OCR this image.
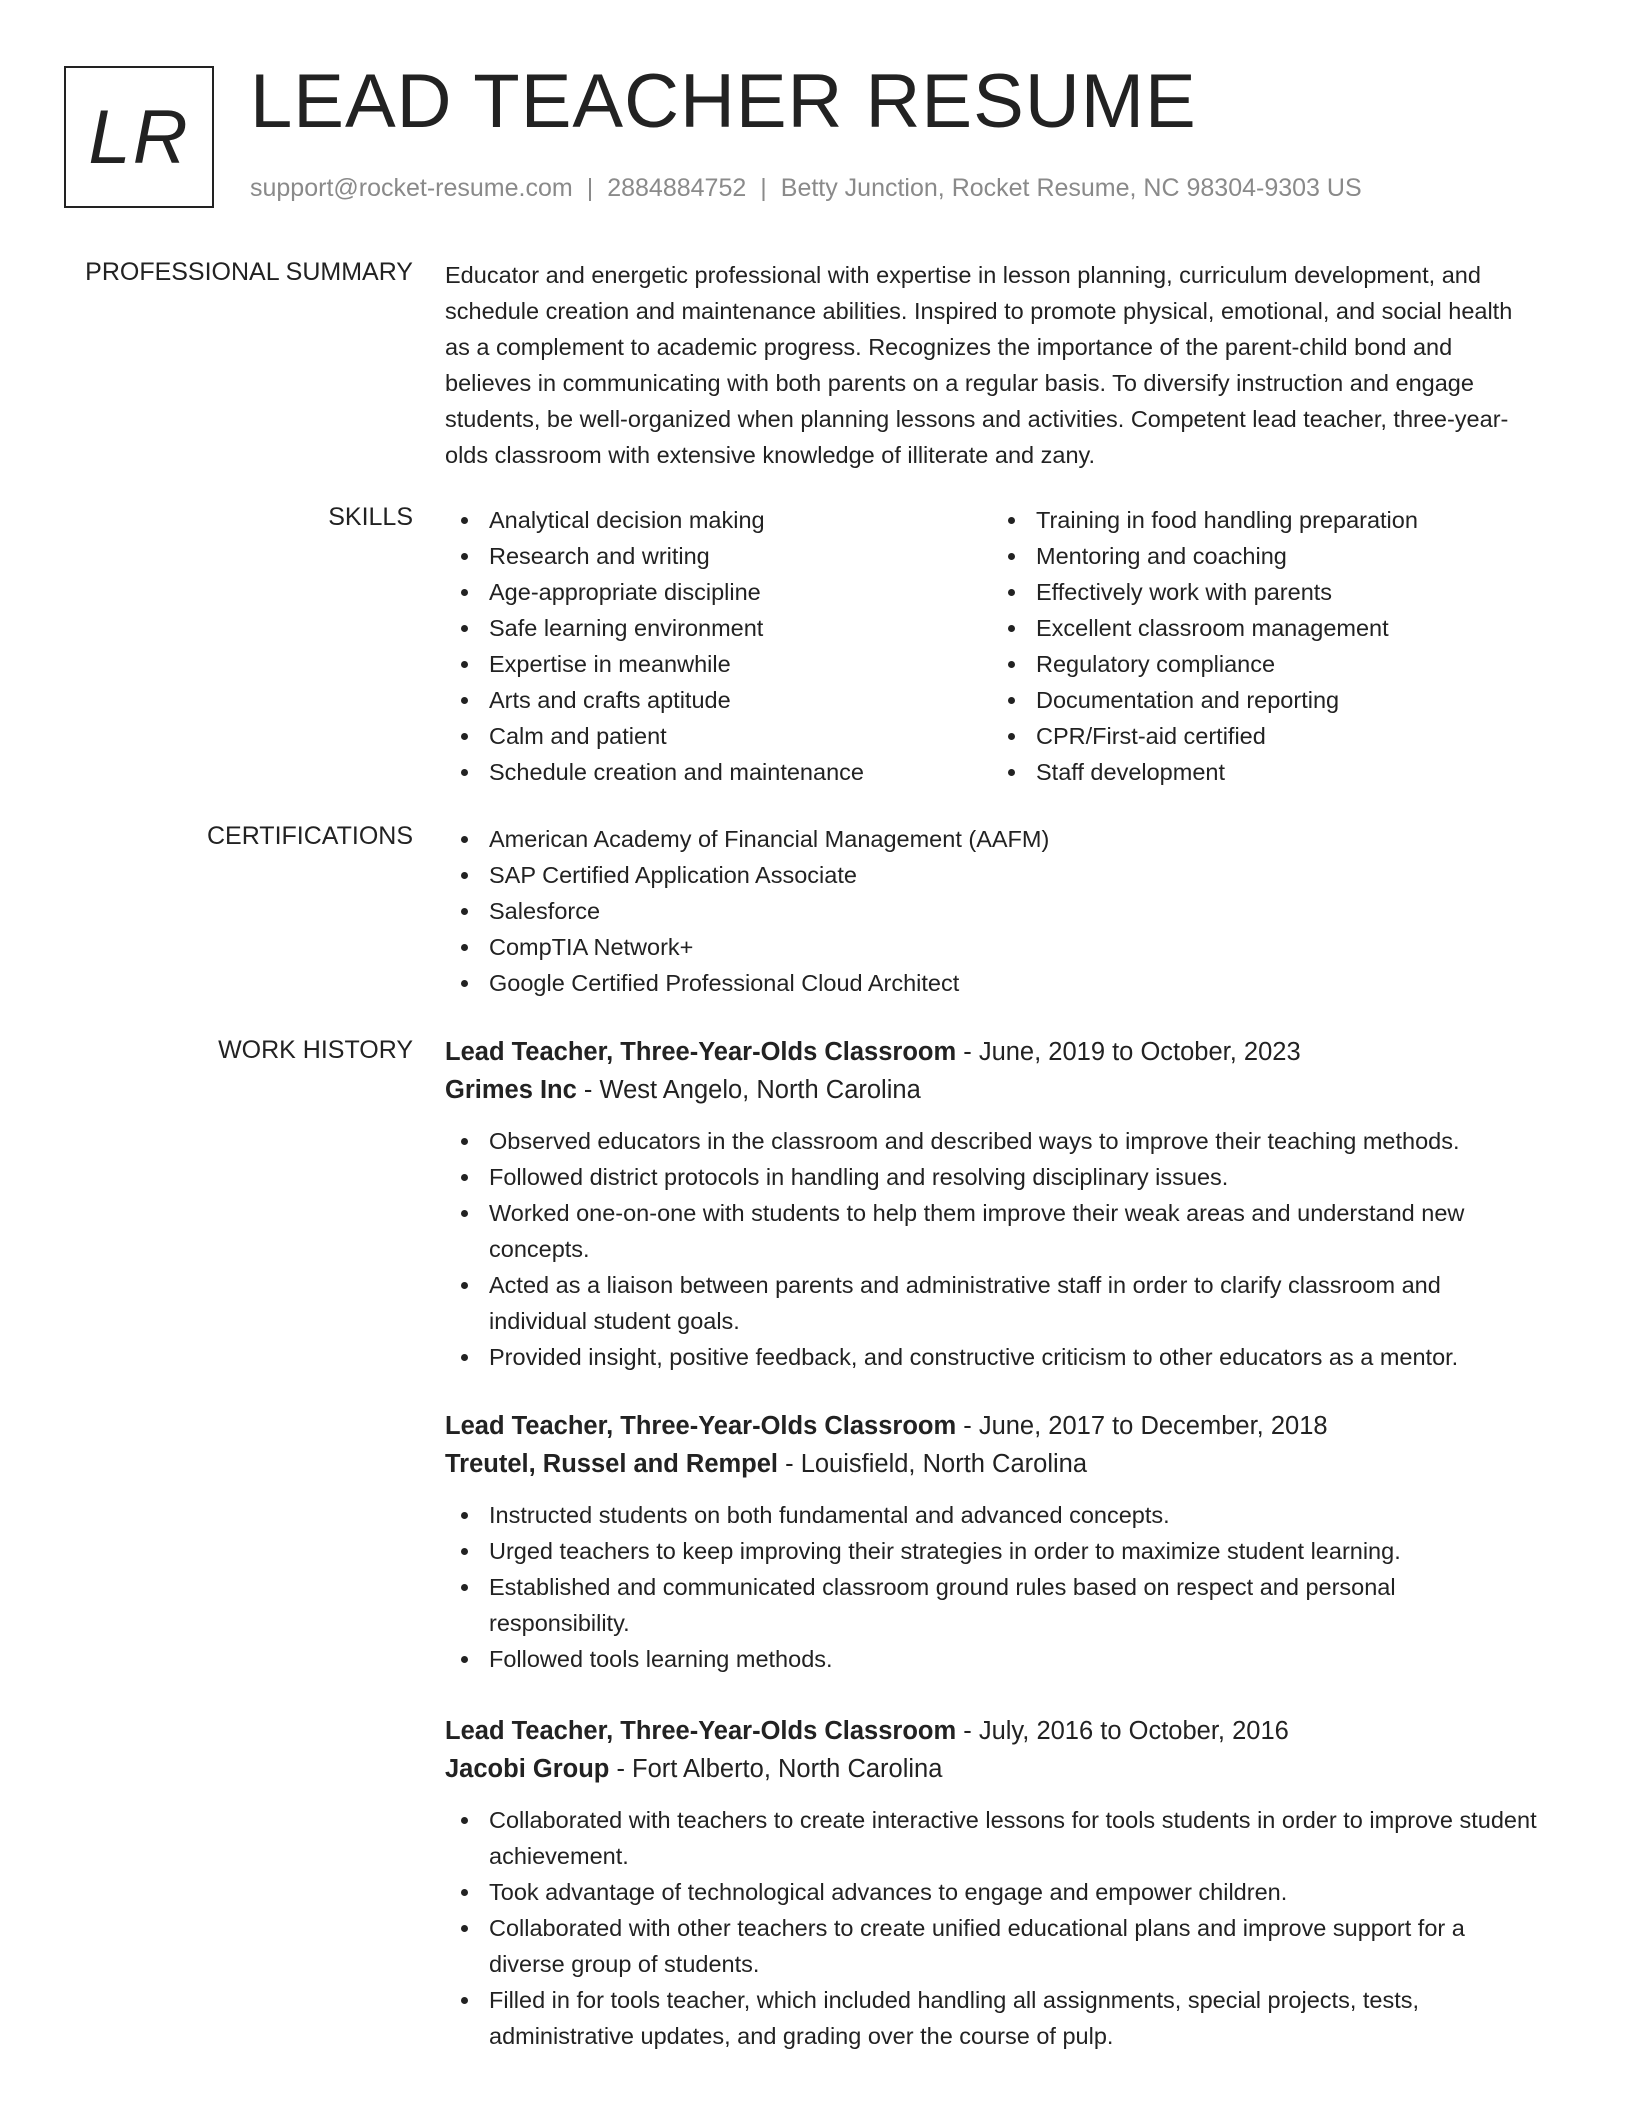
LR LEAD TEACHER RESUME
support@rocket-resume.com | 2884884752 | Betty Junction, Rocket Resume, NC 98304-9303 US
PROFESSIONAL SUMMARY Educator and energetic professional with expertise in lesson planning, curriculum development, and schedule creation and maintenance abilities. Inspired to promote physical, emotional, and social health as a complement to academic progress. Recognizes the importance of the parent-child bond and believes in communicating with both parents on a regular basis. To diversify instruction and engage students, be well-organized when planning lessons and activities. Competent lead teacher, three-year-olds classroom with extensive knowledge of illiterate and zany.
SKILLS	Analytical decision making
Research and writing
Age-appropriate discipline
Safe learning environment
Expertise in meanwhile
Arts and crafts aptitude
Calm and patient
Schedule creation and maintenance
Training in food handling preparation
Mentoring and coaching
Effectively work with parents
Excellent classroom management
Regulatory compliance
Documentation and reporting
CPR/First-aid certified
Staff development
CERTIFICATIONS	American Academy of Financial Management (AAFM)
SAP Certified Application Associate
Salesforce
CompTIA Network+
Google Certified Professional Cloud Architect
WORK HISTORY Lead Teacher, Three-Year-Olds Classroom - June, 2019 to October, 2023
Grimes Inc - West Angelo, North Carolina
Observed educators in the classroom and described ways to improve their teaching methods.
Followed district protocols in handling and resolving disciplinary issues.
Worked one-on-one with students to help them improve their weak areas and understand new concepts.
Acted as a liaison between parents and administrative staff in order to clarify classroom and individual student goals.
Provided insight, positive feedback, and constructive criticism to other educators as a mentor.
Lead Teacher, Three-Year-Olds Classroom - June, 2017 to December, 2018
Treutel, Russel and Rempel - Louisfield, North Carolina
Instructed students on both fundamental and advanced concepts.
Urged teachers to keep improving their strategies in order to maximize student learning.
Established and communicated classroom ground rules based on respect and personal responsibility.
Followed tools learning methods.
Lead Teacher, Three-Year-Olds Classroom - July, 2016 to October, 2016
Jacobi Group - Fort Alberto, North Carolina
Collaborated with teachers to create interactive lessons for tools students in order to improve student achievement.
Took advantage of technological advances to engage and empower children.
Collaborated with other teachers to create unified educational plans and improve support for a diverse group of students.
Filled in for tools teacher, which included handling all assignments, special projects, tests, administrative updates, and grading over the course of pulp.
